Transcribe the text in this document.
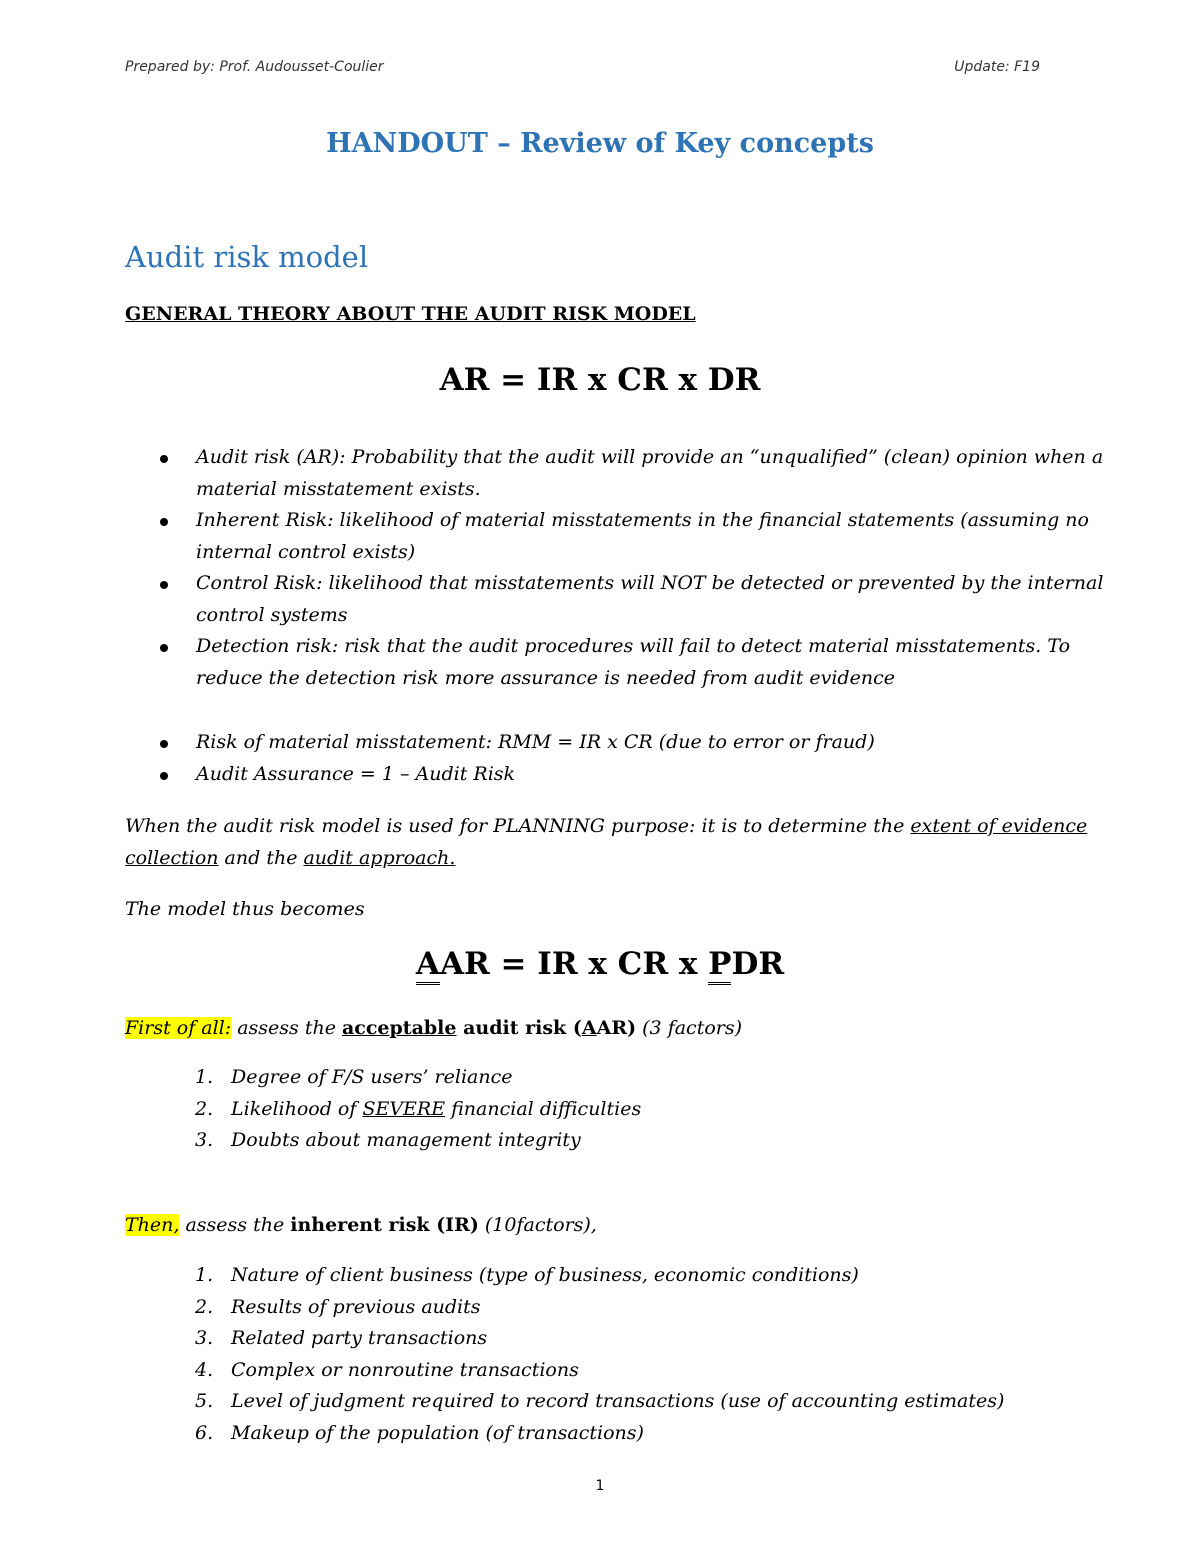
Prepared by: Prof. Audousset-Coulier	Update: F19
HANDOUT – Review of Key concepts
Audit risk model
GENERAL THEORY ABOUT THE AUDIT RISK MODEL
AR = IR x CR x DR
Audit risk (AR): Probability that the audit will provide an “unqualified” (clean) opinion when a material misstatement exists.
Inherent Risk: likelihood of material misstatements in the financial statements (assuming no internal control exists)
Control Risk: likelihood that misstatements will NOT be detected or prevented by the internal control systems
Detection risk: risk that the audit procedures will fail to detect material misstatements. To reduce the detection risk more assurance is needed from audit evidence
Risk of material misstatement: RMM = IR x CR (due to error or fraud)
Audit Assurance = 1 – Audit Risk
When the audit risk model is used for PLANNING purpose: it is to determine the extent of evidence collection and the audit approach.
The model thus becomes
AAR = IR x CR x PDR
First of all: assess the acceptable audit risk (AAR) (3 factors)
1. Degree of F/S users’ reliance
2. Likelihood of SEVERE financial difficulties
3. Doubts about management integrity
Then, assess the inherent risk (IR) (10factors),
1. Nature of client business (type of business, economic conditions)
2. Results of previous audits
3. Related party transactions
4. Complex or nonroutine transactions
5. Level of judgment required to record transactions (use of accounting estimates)
6. Makeup of the population (of transactions)
1
